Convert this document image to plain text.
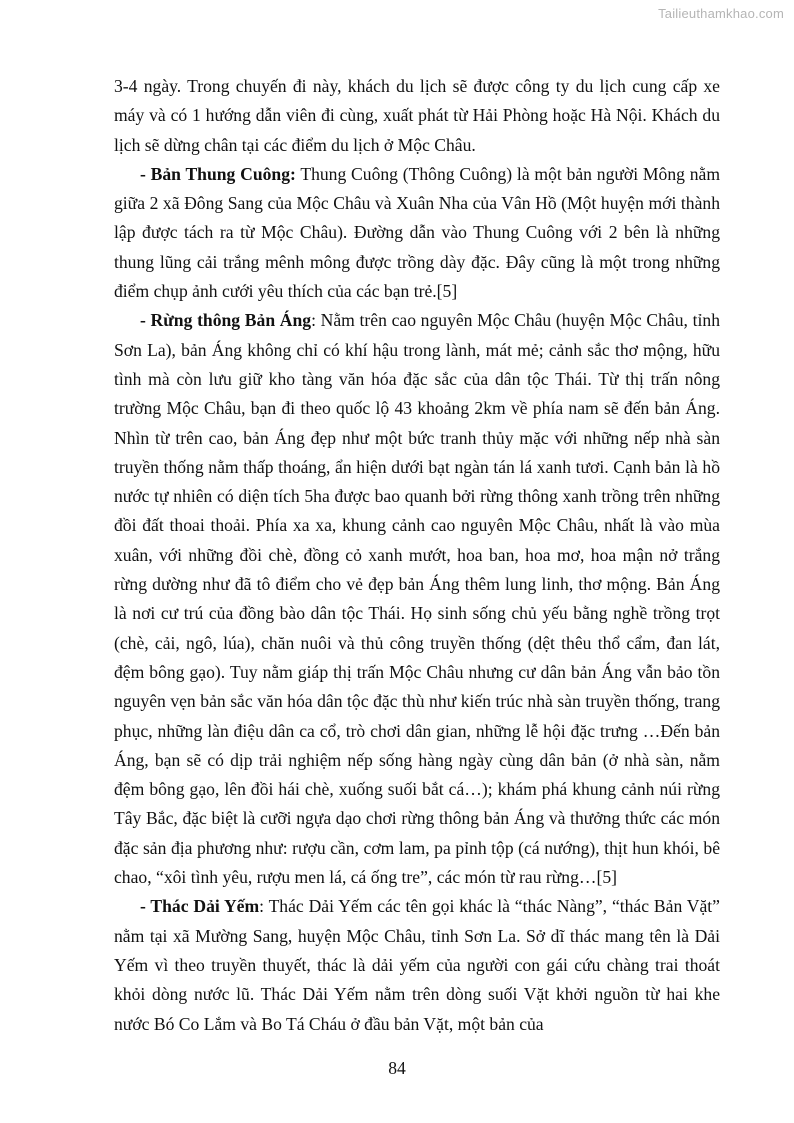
Tailieuthamkhao.com

3-4 ngày. Trong chuyến đi này, khách du lịch sẽ được công ty du lịch cung cấp xe máy và có 1 hướng dẫn viên đi cùng, xuất phát từ Hải Phòng hoặc Hà Nội. Khách du lịch sẽ dừng chân tại các điểm du lịch ở Mộc Châu.

- Bản Thung Cuông: Thung Cuông (Thông Cuông) là một bản người Mông nằm giữa 2 xã Đông Sang của Mộc Châu và Xuân Nha của Vân Hồ (Một huyện mới thành lập được tách ra từ Mộc Châu). Đường dẫn vào Thung Cuông với 2 bên là những thung lũng cải trắng mênh mông được trồng dày đặc. Đây cũng là một trong những điểm chụp ảnh cưới yêu thích của các bạn trẻ.[5]

- Rừng thông Bản Áng: Nằm trên cao nguyên Mộc Châu (huyện Mộc Châu, tỉnh Sơn La), bản Áng không chỉ có khí hậu trong lành, mát mẻ; cảnh sắc thơ mộng, hữu tình mà còn lưu giữ kho tàng văn hóa đặc sắc của dân tộc Thái. Từ thị trấn nông trường Mộc Châu, bạn đi theo quốc lộ 43 khoảng 2km về phía nam sẽ đến bản Áng. Nhìn từ trên cao, bản Áng đẹp như một bức tranh thủy mặc với những nếp nhà sàn truyền thống nằm thấp thoáng, ẩn hiện dưới bạt ngàn tán lá xanh tươi. Cạnh bản là hồ nước tự nhiên có diện tích 5ha được bao quanh bởi rừng thông xanh trồng trên những đồi đất thoai thoải. Phía xa xa, khung cảnh cao nguyên Mộc Châu, nhất là vào mùa xuân, với những đồi chè, đồng cỏ xanh mướt, hoa ban, hoa mơ, hoa mận nở trắng rừng dường như đã tô điểm cho vẻ đẹp bản Áng thêm lung linh, thơ mộng. Bản Áng là nơi cư trú của đồng bào dân tộc Thái. Họ sinh sống chủ yếu bằng nghề trồng trọt (chè, cải, ngô, lúa), chăn nuôi và thủ công truyền thống (dệt thêu thổ cẩm, đan lát, đệm bông gạo). Tuy nằm giáp thị trấn Mộc Châu nhưng cư dân bản Áng vẫn bảo tồn nguyên vẹn bản sắc văn hóa dân tộc đặc thù như kiến trúc nhà sàn truyền thống, trang phục, những làn điệu dân ca cổ, trò chơi dân gian, những lễ hội đặc trưng …Đến bản Áng, bạn sẽ có dịp trải nghiệm nếp sống hàng ngày cùng dân bản (ở nhà sàn, nằm đệm bông gạo, lên đồi hái chè, xuống suối bắt cá…); khám phá khung cảnh núi rừng Tây Bắc, đặc biệt là cưỡi ngựa dạo chơi rừng thông bản Áng và thưởng thức các món đặc sản địa phương như: rượu cần, cơm lam, pa pỉnh tộp (cá nướng), thịt hun khói, bê chao, “xôi tình yêu, rượu men lá, cá ống tre”, các món từ rau rừng…[5]

- Thác Dải Yếm: Thác Dải Yếm các tên gọi khác là “thác Nàng”, “thác Bản Vặt” nằm tại xã Mường Sang, huyện Mộc Châu, tỉnh Sơn La. Sở dĩ thác mang tên là Dải Yếm vì theo truyền thuyết, thác là dải yếm của người con gái cứu chàng trai thoát khỏi dòng nước lũ. Thác Dải Yếm nằm trên dòng suối Vặt khởi nguồn từ hai khe nước Bó Co Lắm và Bo Tá Cháu ở đầu bản Vặt, một bản của

84
